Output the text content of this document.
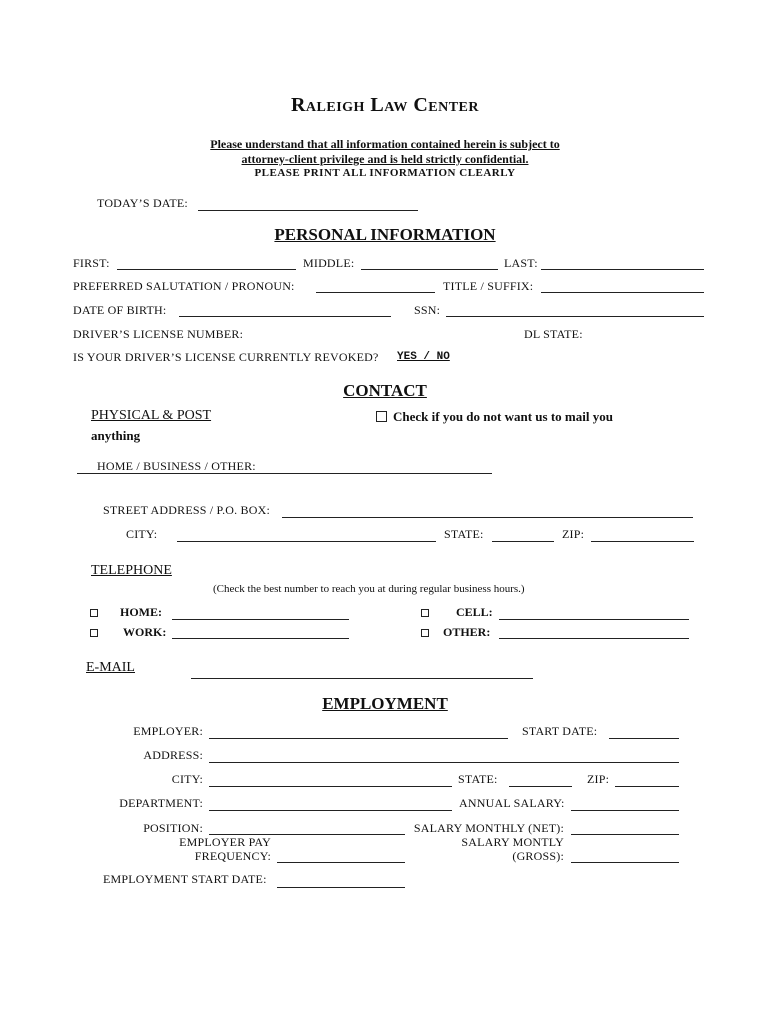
Raleigh Law Center
Please understand that all information contained herein is subject to
attorney-client privilege and is held strictly confidential.
PLEASE PRINT ALL INFORMATION CLEARLY
TODAY’S DATE:
PERSONAL INFORMATION
FIRST:	MIDDLE:	LAST:
PREFERRED SALUTATION / PRONOUN:	TITLE / SUFFIX:
DATE OF BIRTH:	SSN:
DRIVER’S LICENSE NUMBER:	DL STATE:
IS YOUR DRIVER’S LICENSE CURRENTLY REVOKED?	YES / NO
CONTACT
PHYSICAL & POST
anything
Check if you do not want us to mail you
HOME / BUSINESS / OTHER:
STREET ADDRESS / P.O. BOX:
CITY:	STATE:	ZIP:
TELEPHONE
(Check the best number to reach you at during regular business hours.)
HOME:	CELL:
WORK:	OTHER:
E-MAIL
EMPLOYMENT
EMPLOYER:	START DATE:
ADDRESS:
CITY:	STATE:	ZIP:
DEPARTMENT:	ANNUAL SALARY:
POSITION:	SALARY MONTHLY (NET):
EMPLOYER PAY	SALARY MONTLY
FREQUENCY:	(GROSS):
EMPLOYMENT START DATE:
